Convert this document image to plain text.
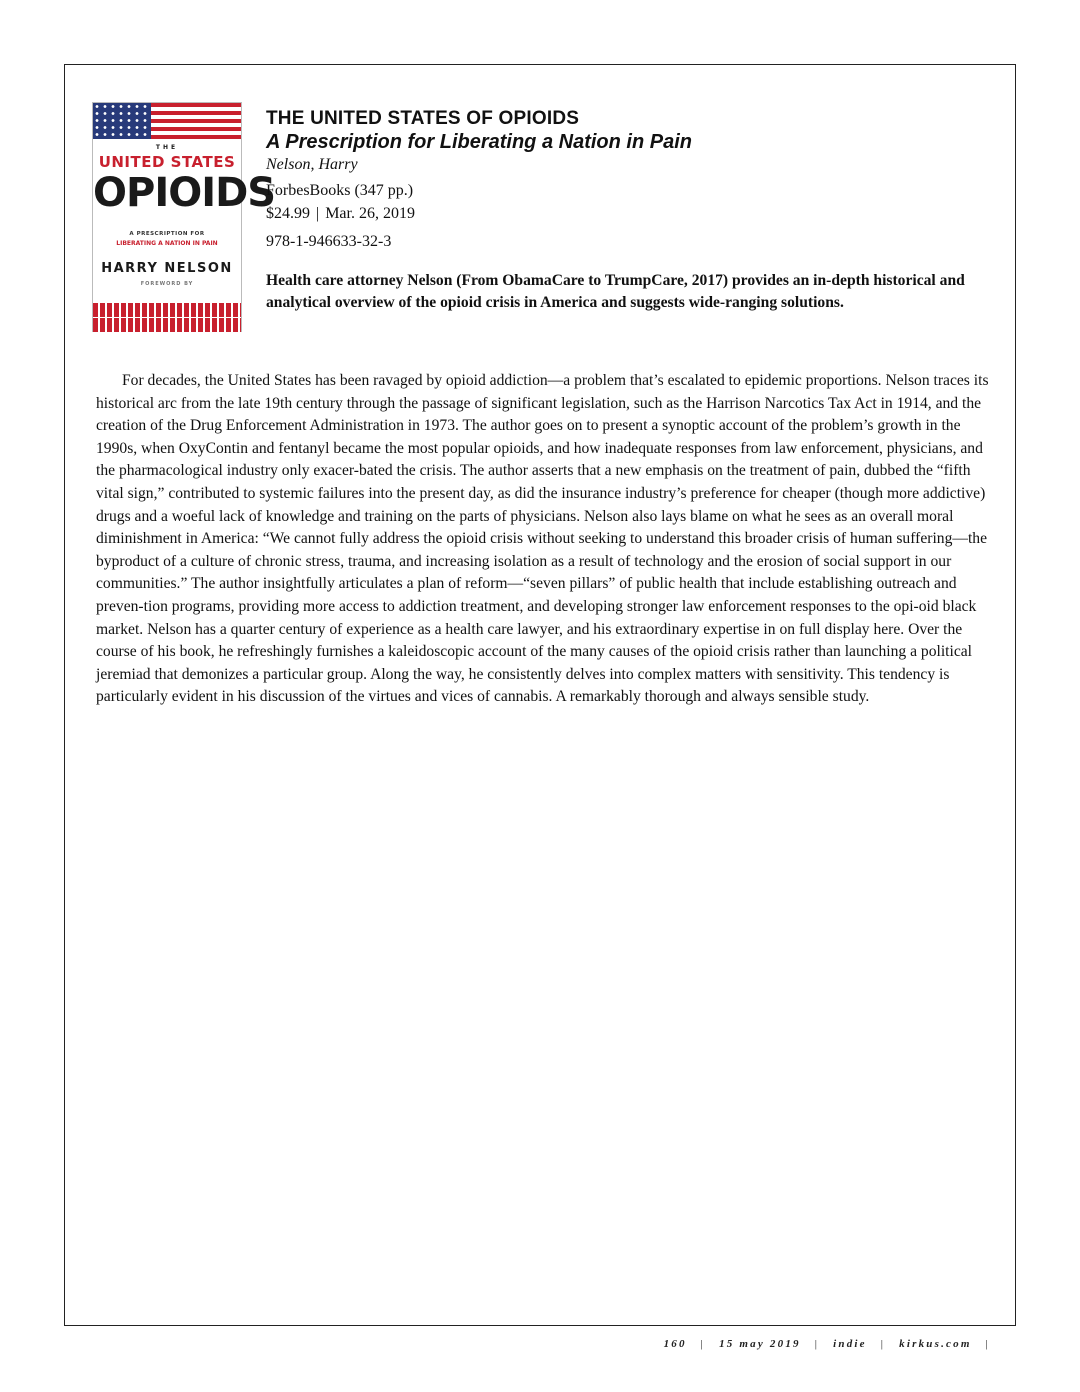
THE
UNITED STATES
OPIOIDS
A PRESCRIPTION FOR
LIBERATING A NATION IN PAIN
HARRY NELSON
FOREWORD BY
THE UNITED STATES OF OPIOIDS
A Prescription for Liberating a Nation in Pain
Nelson, Harry
ForbesBooks (347 pp.)
$24.99 | Mar. 26, 2019
978-1-946633-32-3

Health care attorney Nelson (From ObamaCare to TrumpCare, 2017) provides an in-depth historical and analytical overview of the opioid crisis in America and suggests wide-ranging solutions.

For decades, the United States has been ravaged by opioid addiction—a problem that’s escalated to epidemic proportions. Nelson traces its historical arc from the late 19th century through the passage of significant legislation, such as the Harrison Narcotics Tax Act in 1914, and the creation of the Drug Enforcement Administration in 1973. The author goes on to present a synoptic account of the problem’s growth in the 1990s, when OxyContin and fentanyl became the most popular opioids, and how inadequate responses from law enforcement, physicians, and the pharmacological industry only exacer-bated the crisis. The author asserts that a new emphasis on the treatment of pain, dubbed the “fifth vital sign,” contributed to systemic failures into the present day, as did the insurance industry’s preference for cheaper (though more addictive) drugs and a woeful lack of knowledge and training on the parts of physicians. Nelson also lays blame on what he sees as an overall moral diminishment in America: “We cannot fully address the opioid crisis without seeking to understand this broader crisis of human suffering—the byproduct of a culture of chronic stress, trauma, and increasing isolation as a result of technology and the erosion of social support in our communities.” The author insightfully articulates a plan of reform—“seven pillars” of public health that include establishing outreach and preven-tion programs, providing more access to addiction treatment, and developing stronger law enforcement responses to the opi-oid black market. Nelson has a quarter century of experience as a health care lawyer, and his extraordinary expertise in on full display here. Over the course of his book, he refreshingly furnishes a kaleidoscopic account of the many causes of the opioid crisis rather than launching a political jeremiad that demonizes a particular group. Along the way, he consistently delves into complex matters with sensitivity. This tendency is particularly evident in his discussion of the virtues and vices of cannabis. A remarkably thorough and always sensible study.

160 | 15 may 2019 | indie | kirkus.com |
